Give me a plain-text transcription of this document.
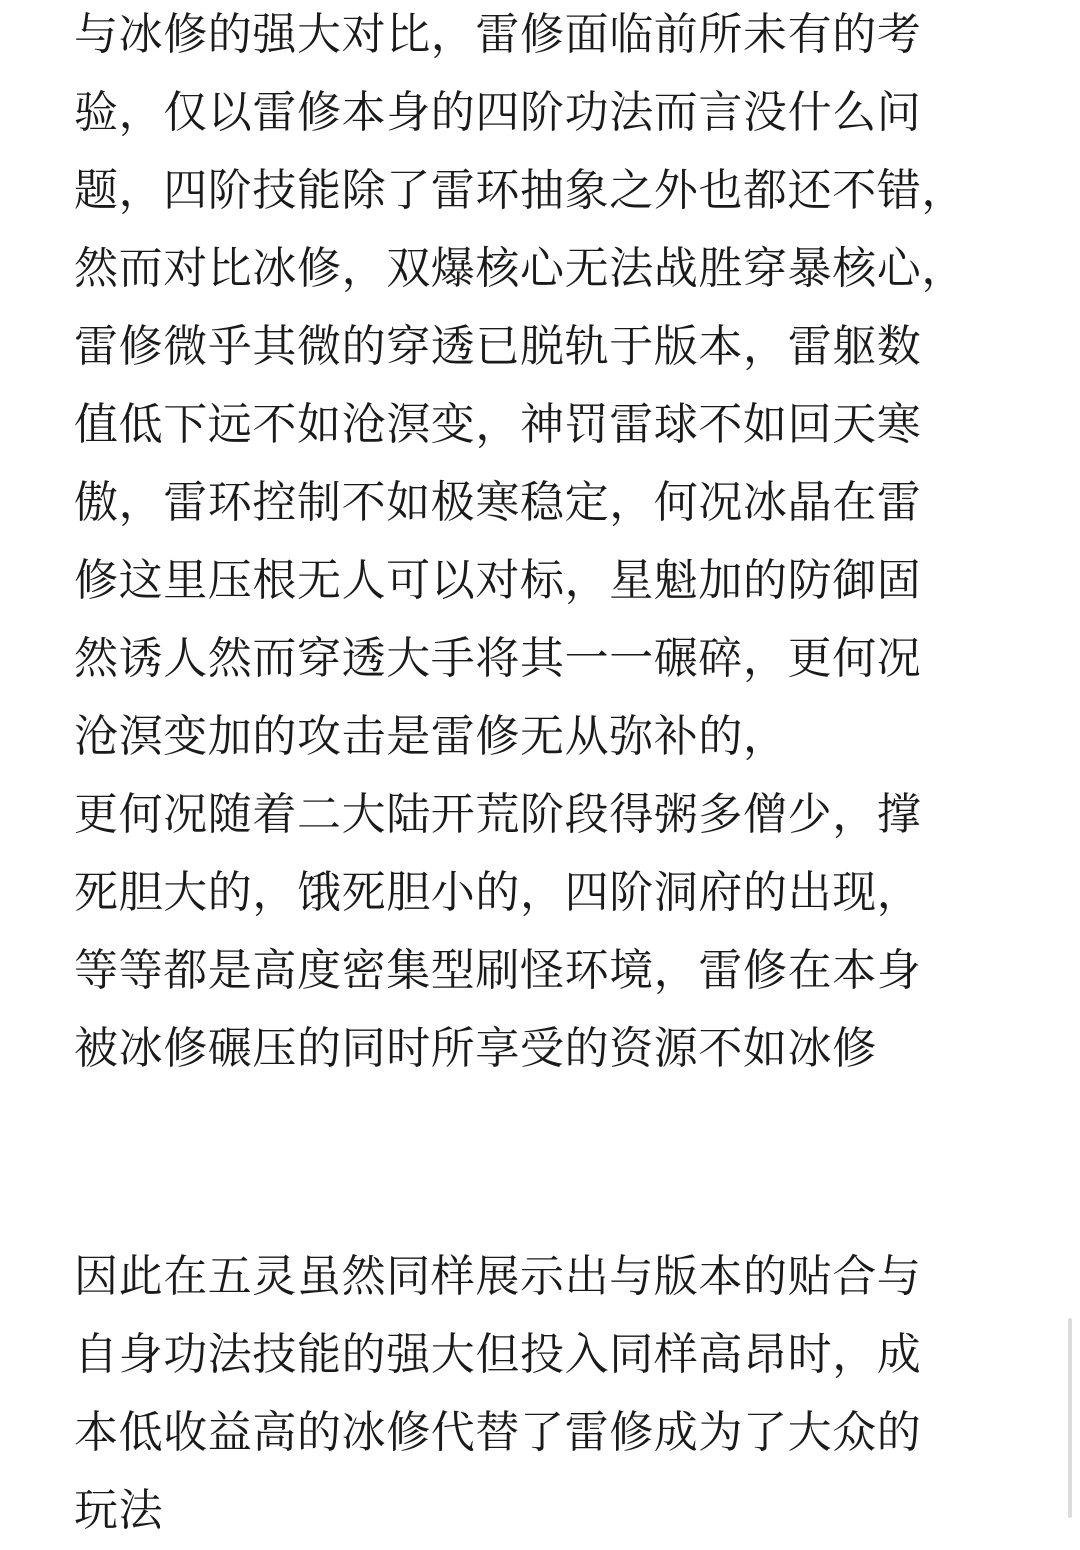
与冰修的强大对比，雷修面临前所未有的考
验，仅以雷修本身的四阶功法而言没什么问
题，四阶技能除了雷环抽象之外也都还不错，
然而对比冰修，双爆核心无法战胜穿暴核心，
雷修微乎其微的穿透已脱轨于版本，雷躯数
值低下远不如沧溟变，神罚雷球不如回天寒
傲，雷环控制不如极寒稳定，何况冰晶在雷
修这里压根无人可以对标，星魁加的防御固
然诱人然而穿透大手将其一一碾碎，更何况
沧溟变加的攻击是雷修无从弥补的，
更何况随着二大陆开荒阶段得粥多僧少，撑
死胆大的，饿死胆小的，四阶洞府的出现，
等等都是高度密集型刷怪环境，雷修在本身
被冰修碾压的同时所享受的资源不如冰修
因此在五灵虽然同样展示出与版本的贴合与
自身功法技能的强大但投入同样高昂时，成
本低收益高的冰修代替了雷修成为了大众的
玩法
